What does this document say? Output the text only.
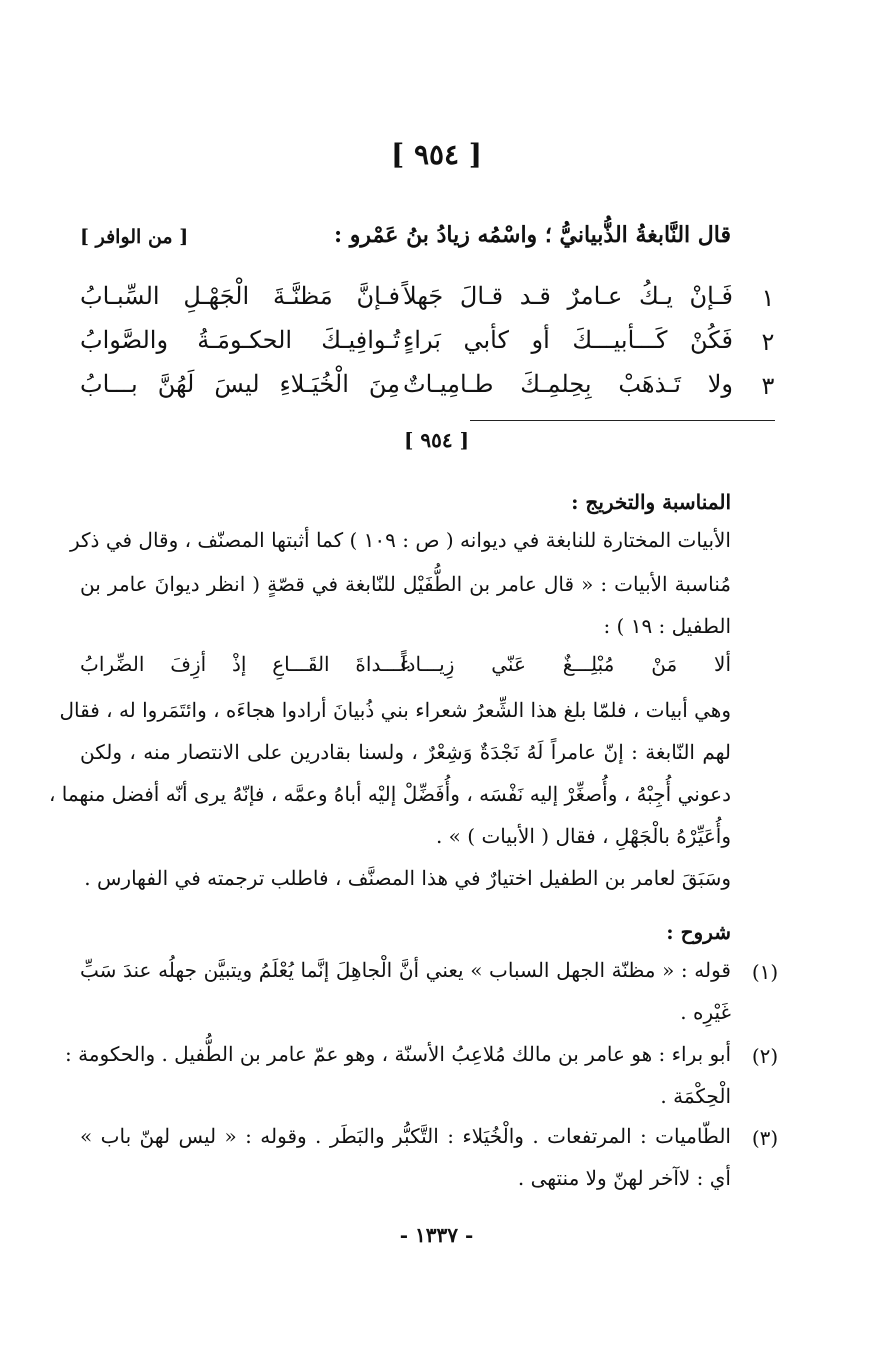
[ ٩٥٤ ]
قال النَّابغةُ الذُّبيانيُّ ؛ واسْمُه زيادُ بنُ عَمْرو :
[ من الوافر ]
١
فَـإنْ يـكُ عـامرٌ قـد قـالَ جَهلاً
فـإنَّ مَظنَّـةَ الْجَهْـلِ السِّبـابُ
٢
فَكُنْ كَـــأبيـــكَ أو كأبي بَراءٍ
تُـوافِيـكَ الحكـومَـةُ والصَّوابُ
٣
ولا تَـذهَبْ بِحِلمِـكَ طـامِيـاتٌ
مِنَ الْخُيَـلاءِ ليسَ لَهُنَّ بـــابُ
[ ٩٥٤ ]
المناسبة والتخريج :
الأبيات المختارة للنابغة في ديوانه ( ص : ١٠٩ ) كما أثبتها المصنّف ، وقال في ذكر
مُناسبة الأبيات : « قال عامر بن الطُّفَيْل للنّابغة في قصّةٍ ( انظر ديوانَ عامر بن
الطفيل : ١٩ ) :
ألا مَنْ مُبْلِـــغٌ عَنّي زِيـــاداً
غَـــداةَ القَـــاعِ إذْ أزِفَ الضِّرابُ
وهي أبيات ، فلمّا بلغ هذا الشِّعرُ شعراء بني ذُبيانَ أرادوا هجاءَه ، وائتَمَروا له ، فقال
لهم النّابغة : إنّ عامراً لَهُ نَجْدَةٌ وَشِعْرٌ ، ولسنا بقادرين على الانتصار منه ، ولكن
دعوني أُجِبْهُ ، وأُصغِّرْ إليه نَفْسَه ، وأُفَضِّلْ إليْه أباهُ وعمَّه ، فإنّهُ يرى أنّه أفضل منهما ،
وأُعَيِّرْهُ بالْجَهْلِ ، فقال ( الأبيات ) » .
وسَبَقَ لعامر بن الطفيل اختيارٌ في هذا المصنَّف ، فاطلب ترجمته في الفهارس .
شروح :
(١)
قوله : « مظنّة الجهل السباب » يعني أنَّ الْجاهِلَ إنَّما يُعْلَمُ ويتبيَّن جهلُه عندَ سَبِّ
غَيْرِه .
(٢)
أبو براء : هو عامر بن مالك مُلاعِبُ الأسنّة ، وهو عمّ عامر بن الطُّفيل . والحكومة :
الْحِكْمَة .
(٣)
الطّاميات : المرتفعات . والْخُيَلاء : التَّكبُّر والبَطَر . وقوله : « ليس لهنّ باب »
أي : لاآخر لهنّ ولا منتهى .
- ١٣٣٧ -
